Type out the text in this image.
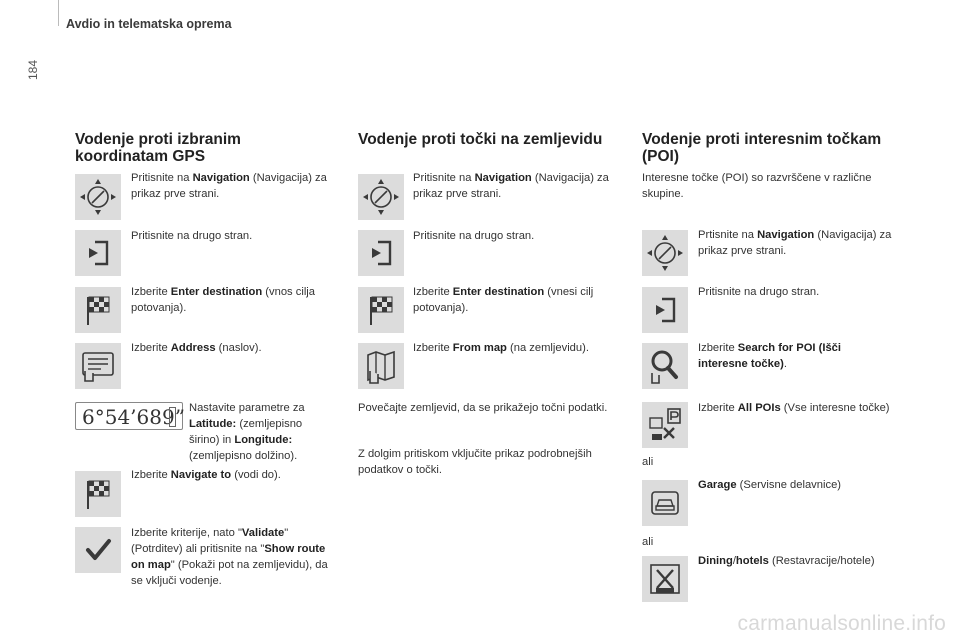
Avdio in telematska oprema
184
Vodenje proti izbranim
koordinatam GPS
Pritisnite na Navigation (Navigacija) za prikaz prve strani.
Pritisnite na drugo stran.
Izberite Enter destination (vnos cilja potovanja).
Izberite Address (naslov).
6°54’689” Nastavite parametre za Latitude: (zemljepisno širino) in Longitude: (zemljepisno dolžino).
Izberite Navigate to (vodi do).
Izberite kriterije, nato "Validate" (Potrditev) ali pritisnite na "Show route on map" (Pokaži pot na zemljevidu), da se vključi vodenje.
Vodenje proti točki na zemljevidu
Pritisnite na Navigation (Navigacija) za prikaz prve strani.
Pritisnite na drugo stran.
Izberite Enter destination (vnesi cilj potovanja).
Izberite From map (na zemljevidu).
Povečajte zemljevid, da se prikažejo točni podatki.
Z dolgim pritiskom vključite prikaz podrobnejših podatkov o točki.
Vodenje proti interesnim točkam
(POI)
Interesne točke (POI) so razvrščene v različne skupine.
Prtisnite na Navigation (Navigacija) za prikaz prve strani.
Pritisnite na drugo stran.
Izberite Search for POI (Išči interesne točke).
Izberite All POIs (Vse interesne točke)
ali
Garage (Servisne delavnice)
ali
Dining/hotels (Restavracije/hotele)
carmanualsonline.info
